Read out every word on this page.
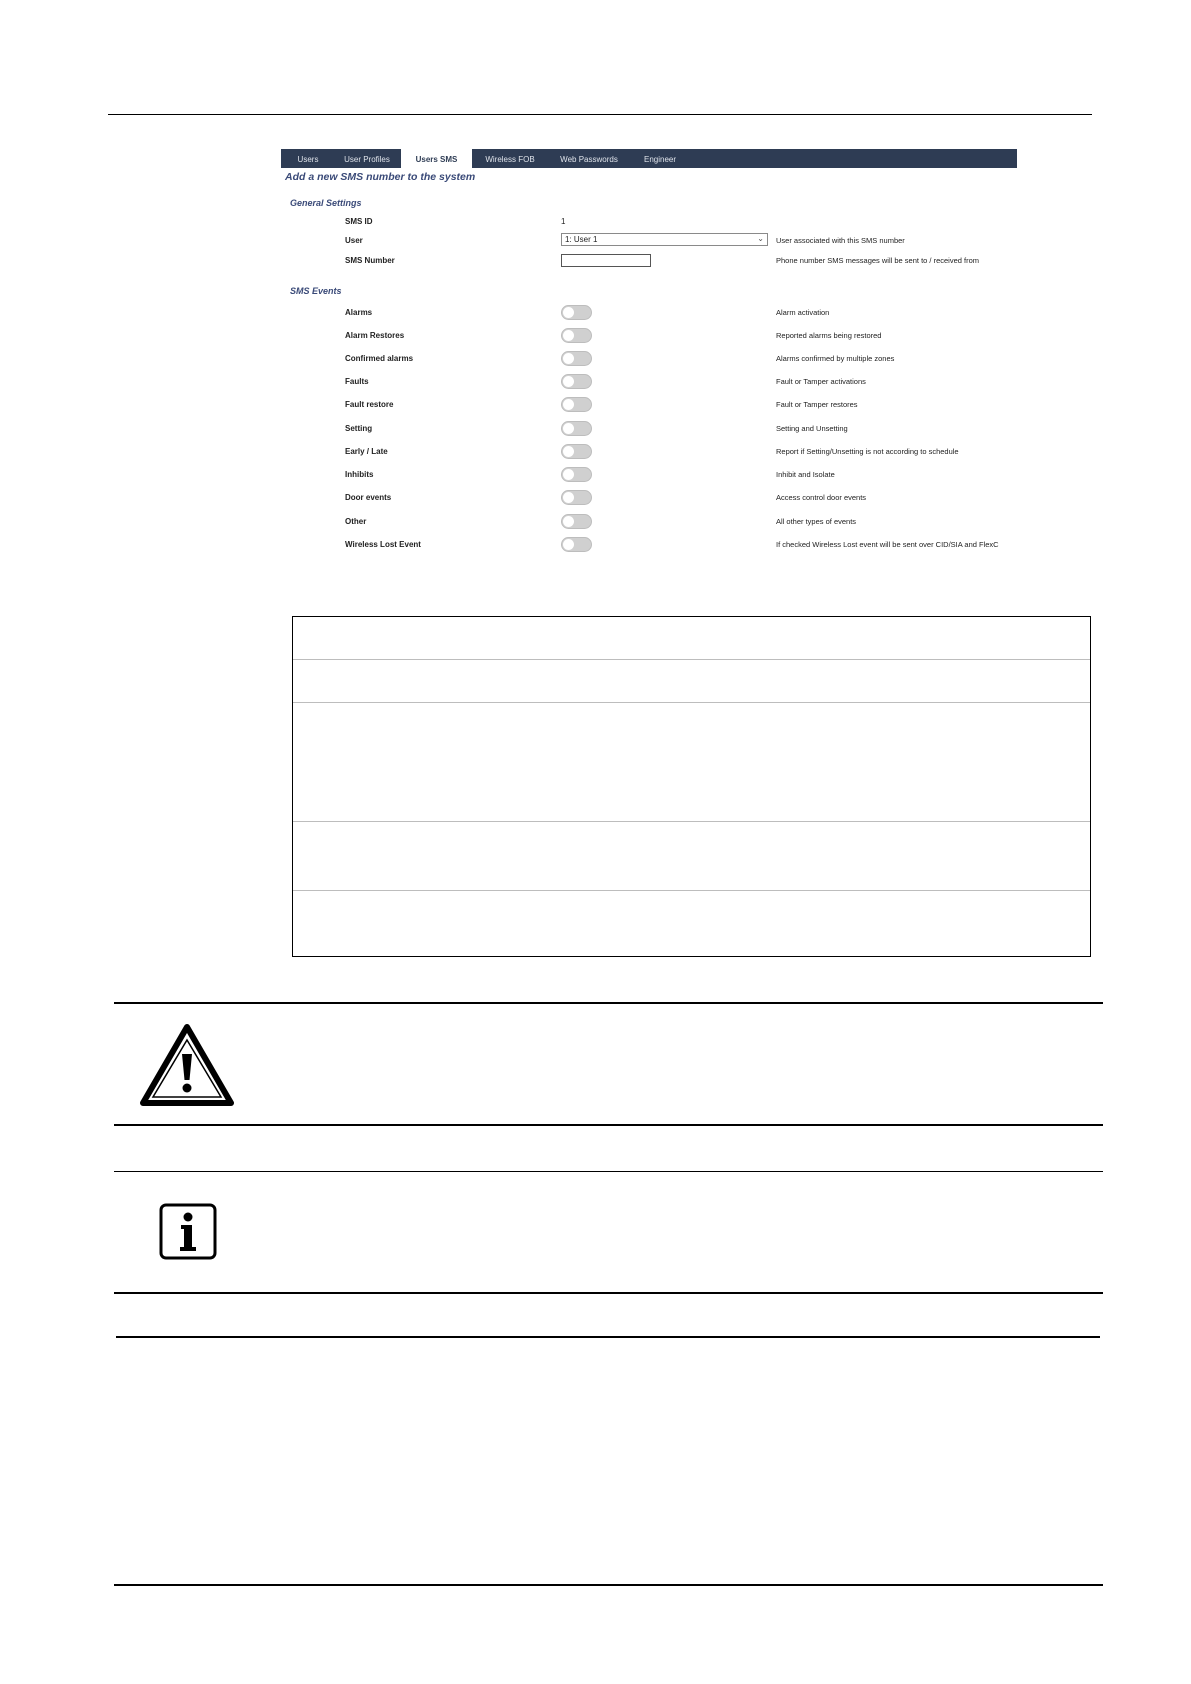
Users	User Profiles	Users SMS	Wireless FOB	Web Passwords	Engineer
Add a new SMS number to the system
General Settings
SMS ID	1
User	1: User 1	⌄ User associated with this SMS number
SMS Number	Phone number SMS messages will be sent to / received from
SMS Events
Alarms	Alarm activation
Alarm Restores	Reported alarms being restored
Confirmed alarms	Alarms confirmed by multiple zones
Faults	Fault or Tamper activations
Fault restore	Fault or Tamper restores
Setting	Setting and Unsetting
Early / Late	Report if Setting/Unsetting is not according to schedule
Inhibits	Inhibit and Isolate
Door events	Access control door events
Other	All other types of events
Wireless Lost Event	If checked Wireless Lost event will be sent over CID/SIA and FlexC
